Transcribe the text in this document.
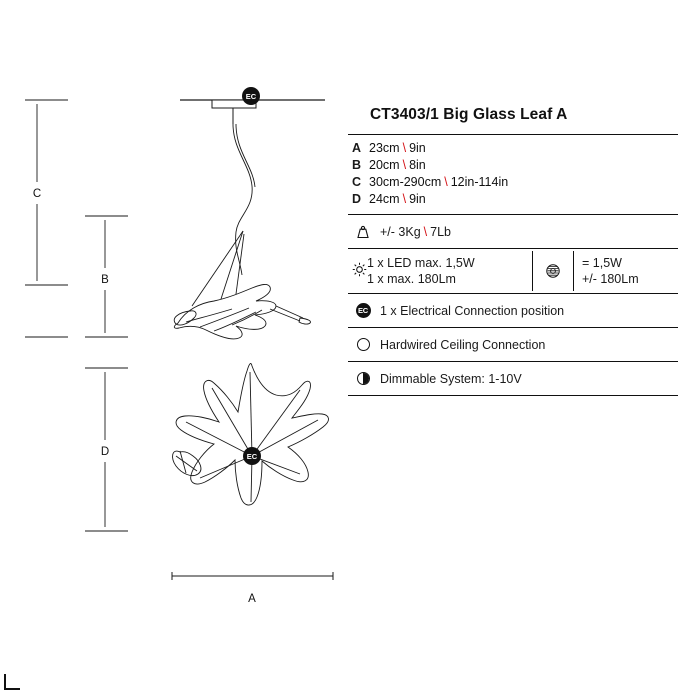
EC
EC
C
B
D
A
CT3403/1 Big Glass Leaf A
A 23cm \ 9in
B 20cm \ 8in
C 30cm-290cm \ 12in-114in
D 24cm \ 9in
+/- 3Kg \ 7Lb
1 x LED max. 1,5W
1 x max. 180Lm
= 1,5W
+/- 180Lm
EC 1 x Electrical Connection position
Hardwired Ceiling Connection
Dimmable System: 1-10V
